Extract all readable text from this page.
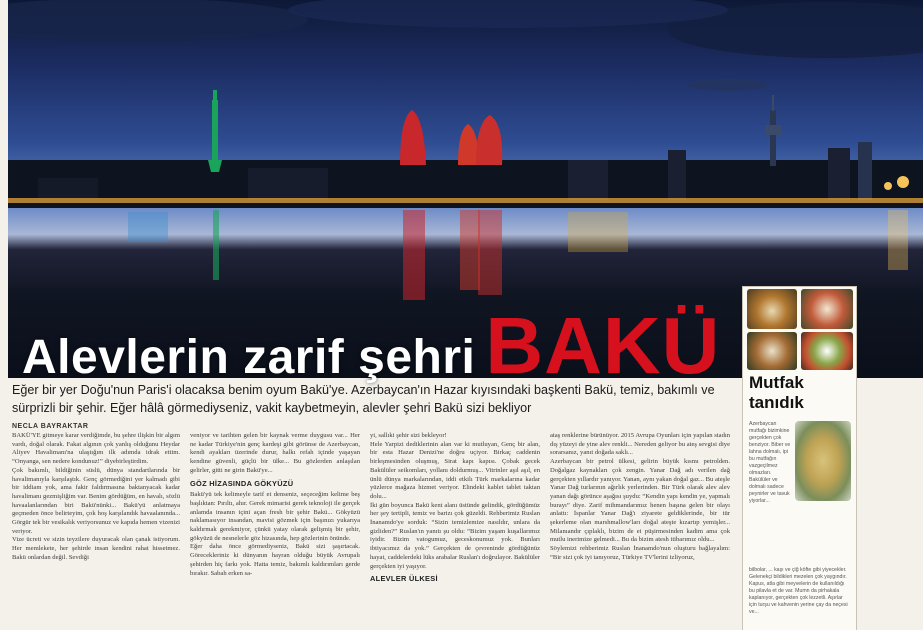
Alevlerin zarif şehri BAKÜ
Eğer bir yer Doğu'nun Paris'i olacaksa benim oyum Bakü'ye. Azerbaycan'ın Hazar kıyısındaki başkenti Bakü, temiz, bakımlı ve sürprizli bir şehir. Eğer hâlâ görmediyseniz, vakit kaybetmeyin, alevler şehri Bakü sizi bekliyor
NECLA BAYRAKTAR

BAKÜ'YE gitmeye karar verdiğimde, bu şehre ilişkin bir algım vardı, doğal olarak. Fakat algının çok yanlış olduğunu Heydar Aliyev Havalimanı'na ulaştığım ilk adımda idrak ettim. “Onyanga, sen nedere kondunuz!” diyebirleştirdim.

Çok bakımlı, bildiğinin süslü, dünya standartlarında bir havalimanıyla karşılaştık. Genç görmediğini yer kalmadı gibi bir iddiam yok, ama fakir faldırmasına baktanyacak kadar havalimanı gezmişliğim var. Benim gördüğüm, en havalı, sözlü havaalanlarından biri Bakü'nünki... Bakü'yü anlatmaya geçmeden önce belirteyim, çok hoş karşılandık havaalanında... Görgür tek bir vesikalık veriyorsunuz ve kapıda hemen vizenizi veriyor.

Vize ücreti ve sizin teyzilere duyuracak olan çanak istiyorum. Her memlekete, her şehirde insan kendini rahat hissetmez. Bakü onlardan değil. Sevdiği

veniyor ve tarihten gelen bir kaynak verme duygusu var... Her ne kadar Türkiye'nin genç kardeşi gibi görünse de Azerbaycan, kendi ayakları üzerinde durur, halkı refah içinde yaşayan kendine güvenli, güçlü bir ülke... Bu gözlerden anlaşılan gelirler, gitti ne girin Bakü'ye...

GÖZ HİZASINDA GÖKYÜZÜ

Bakü'yü tek kelimeyle tarif et denseniz, seçeceğim kelime beş başlıktan: Pırıltı, ahır. Gerek mimarisi gerek teknoloji ile gerçek anlamda insanın içini açan fresh bir şehir Bakü... Gökyüzü naklamasıyor insandan, mavisi gözmek için başınızı yukarıya kaldırmak gerekmiyor, çünkü yatay olarak gelişmiş bir şehir, gökyüzü de nesnelerle göz hizasında, hep gözlerinin önünde.

Eğer daha önce görmediyseniz, Bakü sizi şaşırtacak. Görecekleriniz ki dünyanın hayran olduğu büyük Avrupalı şehirden hiç farkı yok. Hatta temiz, bakımlı kaldırımları gerde bırakır. Sabah erken sa-

yi, sallıki şehir sizi bekleyor!

Hele Yarpizi dediklerinin alan var ki mutluyan, Genç bir alan, bir esta Hazar Denizi'ne doğru uçiyor. Birkaç caddenin birleşmesinden oluşmuş, Sirat kapı kapısı. Çobak gecek Bakülüler seikomları, yollanı doldurmuş... Vitrinler aşıl aşıl, en ünlü dünya markalarından, iddi etkilı Türk markalarına kadar yüzlerce mağaza hizmet veriyor. Elindeki kablet tablet taktan dolu...

İki gün boyunca Bakü kent alanı üstünde gelindik, gördüğümüz her şey tertipli, temiz ve barizı çok güzeldi. Rehberimiz Ruslan İnanamdo'ye sorduk: “Sizin temizlemize nasıldır, unlara da gizliden?” Ruslan'ın yanıtı şu oldu: “Bizim yaşam kuşallarımız iyidir. Bizim vatogumuz, geceskonumuz yok. Bunları ibtiyacımız da yok.” Gerçekten de çevreninde gördüğünüz hayat, caddelerdeki lüks arabalar Ruslan'ı doğrulayor. Bakülüler gerçekten iyi yaşıyor.

ALEVLER ÜLKESİ

ataş renklerine bürünüyor. 2015 Avrupa Oyunları için yapılan stadın dış yüzeyi de yine alev renkli... Nereden geliyor bu ateş sevgisi diye sorarsanız, yanıt doğada saklı...

Azerbaycan bir petrol ülkesi, gelirin büyük kısmı petrolden. Doğalgaz kaynakları çok zengin. Yanar Dağ adı verilen dağ gerçekten yıllardır yanıyor. Yanan, aynı yakan doğal gaz... Bu ateşle Yanar Dağ turlarının ağırlık yerlerinden. Bir Türk olarak alev alev yanan dağı görünce aşağısı şuydu: “Kendin yapı kendin ye, yapmalı burayı” diye. Zarif mihmandarımız henen başına gelen bir olayı anlattı: İspanlar Yanar Dağ'ı ziyarete geldiklerinde, bir tür şekerleme olan marshmallow'ları doğal ateşte kızartıp yemişler... Milanıandır çıplaklı, bizim de ei püşirmesinden kadim ama çok mutlu inerimize gelmedi... Bu da bizim atesh itibarımız oldu...

Söylemizi rehberimiz Ruslan İnanamdo'nun oluşturu bağlayalım: “Bir sizi çok iyi tanıyoruz, Türkiye TV'lerini izliyoruz,

Mutfak
tanıdık
Azerbaycan mutfağı bizimkine gerçekten çok benziyor. Biber ve lahna dolmalı, ipi bu mutfağın vazgeçilmez olmazları. Bakülüler ve dolmalı sadece peynirler ve tavuk yiyorlar...
bilbolar, ... kaşı ve çiğ köfte gibi yiyecekler. Gelenekçi bildikleri mezelen çok yaygındır. Kapus, atla gibi meyvelerin de kullanıldığı bu pilavla et de var. Mumn da pirhakala kaplanıyor, gerçekten çok lezzetli. Aşırlar için turşu ve kahvenin yerine çay da neçesi ve...
